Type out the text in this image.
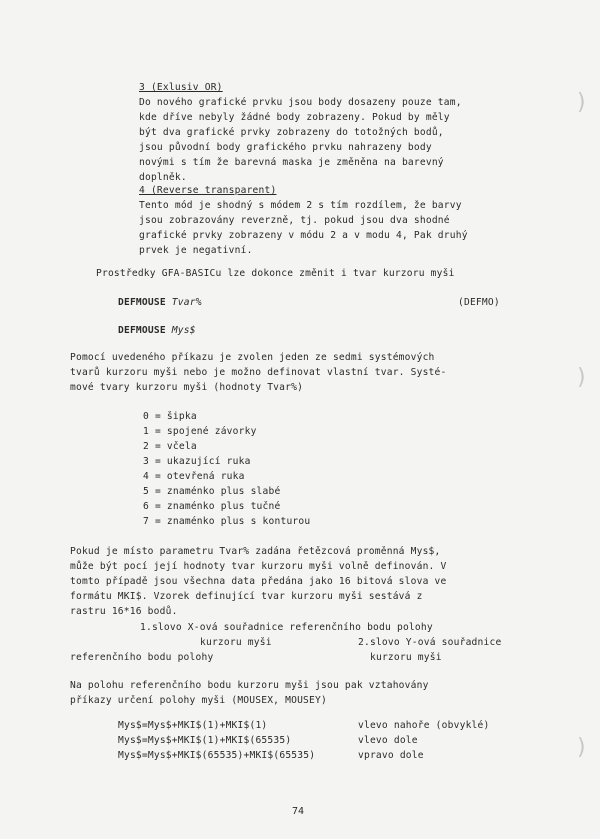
3 (Exlusiv OR)
Do nového grafické prvku jsou body dosazeny pouze tam,
kde dříve nebyly žádné body zobrazeny. Pokud by měly
být dva grafické prvky zobrazeny do totožných bodů,
jsou původní body grafického prvku nahrazeny body
novými s tím že barevná maska je změněna na barevný
doplněk.
4 (Reverse transparent)
Tento mód je shodný s módem 2 s tím rozdílem, že barvy
jsou zobrazovány reverzně, tj. pokud jsou dva shodné
grafické prvky zobrazeny v módu 2 a v modu 4, Pak druhý
prvek je negativní.
Prostředky GFA-BASICu lze dokonce změnit i tvar kurzoru myši
DEFMOUSE Tvar%	(DEFMO)
DEFMOUSE Mys$
Pomocí uvedeného příkazu je zvolen jeden ze sedmi systémových
tvarů kurzoru myši nebo je možno definovat vlastní tvar. Systé-
mové tvary kurzoru myši (hodnoty Tvar%)
0 = šipka
1 = spojené závorky
2 = včela
3 = ukazující ruka
4 = otevřená ruka
5 = znaménko plus slabé
6 = znaménko plus tučné
7 = znaménko plus s konturou
Pokud je místo parametru Tvar% zadána řetězcová proměnná Mys$,
může být pocí její hodnoty tvar kurzoru myši volně definován. V
tomto případě jsou všechna data předána jako 16 bitová slova ve
formátu MKI$. Vzorek definující tvar kurzoru myši sestává z
rastru 16*16 bodů.
1.slovo X-ová souřadnice referenčního bodu polohy
kurzoru myši	2.slovo Y-ová souřadnice
referenčního bodu polohy	kurzoru myši
Na polohu referenčního bodu kurzoru myši jsou pak vztahovány
příkazy určení polohy myši (MOUSEX, MOUSEY)
Mys$=Mys$+MKI$(1)+MKI$(1)	vlevo nahoře (obvyklé)
Mys$=Mys$+MKI$(1)+MKI$(65535)	vlevo dole
Mys$=Mys$+MKI$(65535)+MKI$(65535)	vpravo dole
74
)
)
)
